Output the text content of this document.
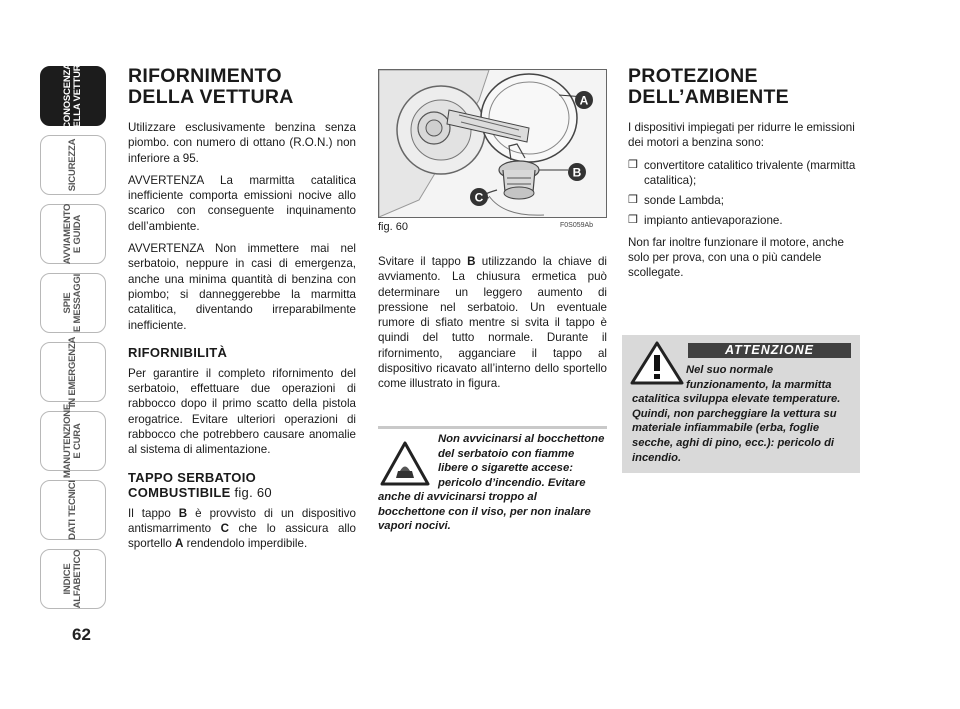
CONOSCENZA
DELLA VETTURA
SICUREZZA
AVVIAMENTO
E GUIDA
SPIE
E MESSAGGI
IN EMERGENZA
MANUTENZIONE
E CURA
DATI TECNICI
INDICE
ALFABETICO
62
RIFORNIMENTO
DELLA VETTURA

Utilizzare esclusivamente benzina senza piombo. con numero di ottano (R.O.N.) non inferiore a 95.

AVVERTENZA La marmitta catalitica inefficiente comporta emissioni nocive allo scarico con conseguente inquinamento dell’ambiente.

AVVERTENZA Non immettere mai nel serbatoio, neppure in casi di emergenza, anche una minima quantità di benzina con piombo; si danneggerebbe la marmitta catalitica, diventando irreparabilmente inefficiente.

RIFORNIBILITÀ

Per garantire il completo rifornimento del serbatoio, effettuare due operazioni di rabbocco dopo il primo scatto della pistola erogatrice. Evitare ulteriori operazioni di rabbocco che potrebbero causare anomalie al sistema di alimentazione.

TAPPO SERBATOIO
COMBUSTIBILE fig. 60

Il tappo B è provvisto di un dispositivo antismarrimento C che lo assicura allo sportello A rendendolo imperdibile.

A
B
C
fig. 60	F0S059Ab

Svitare il tappo B utilizzando la chiave di avviamento. La chiusura ermetica può determinare un leggero aumento di pressione nel serbatoio. Un eventuale rumore di sfiato mentre si svita il tappo è quindi del tutto normale. Durante il rifornimento, agganciare il tappo al dispositivo ricavato all’interno dello sportello come illustrato in figura.

Non avvicinarsi al bocchettone del serbatoio con fiamme libere o sigarette accese: pericolo d’incendio. Evitare anche di avvicinarsi troppo al bocchettone con il viso, per non inalare vapori nocivi.
PROTEZIONE
DELL’AMBIENTE

I dispositivi impiegati per ridurre le emissioni dei motori a benzina sono:

❒ convertitore catalitico trivalente (marmitta catalitica);
❒ sonde Lambda;
❒ impianto antievaporazione.

Non far inoltre funzionare il motore, anche solo per prova, con una o più candele scollegate.

ATTENZIONE
Nel suo normale funzionamento, la marmitta catalitica sviluppa elevate temperature. Quindi, non parcheggiare la vettura su materiale infiammabile (erba, foglie secche, aghi di pino, ecc.): pericolo di incendio.
